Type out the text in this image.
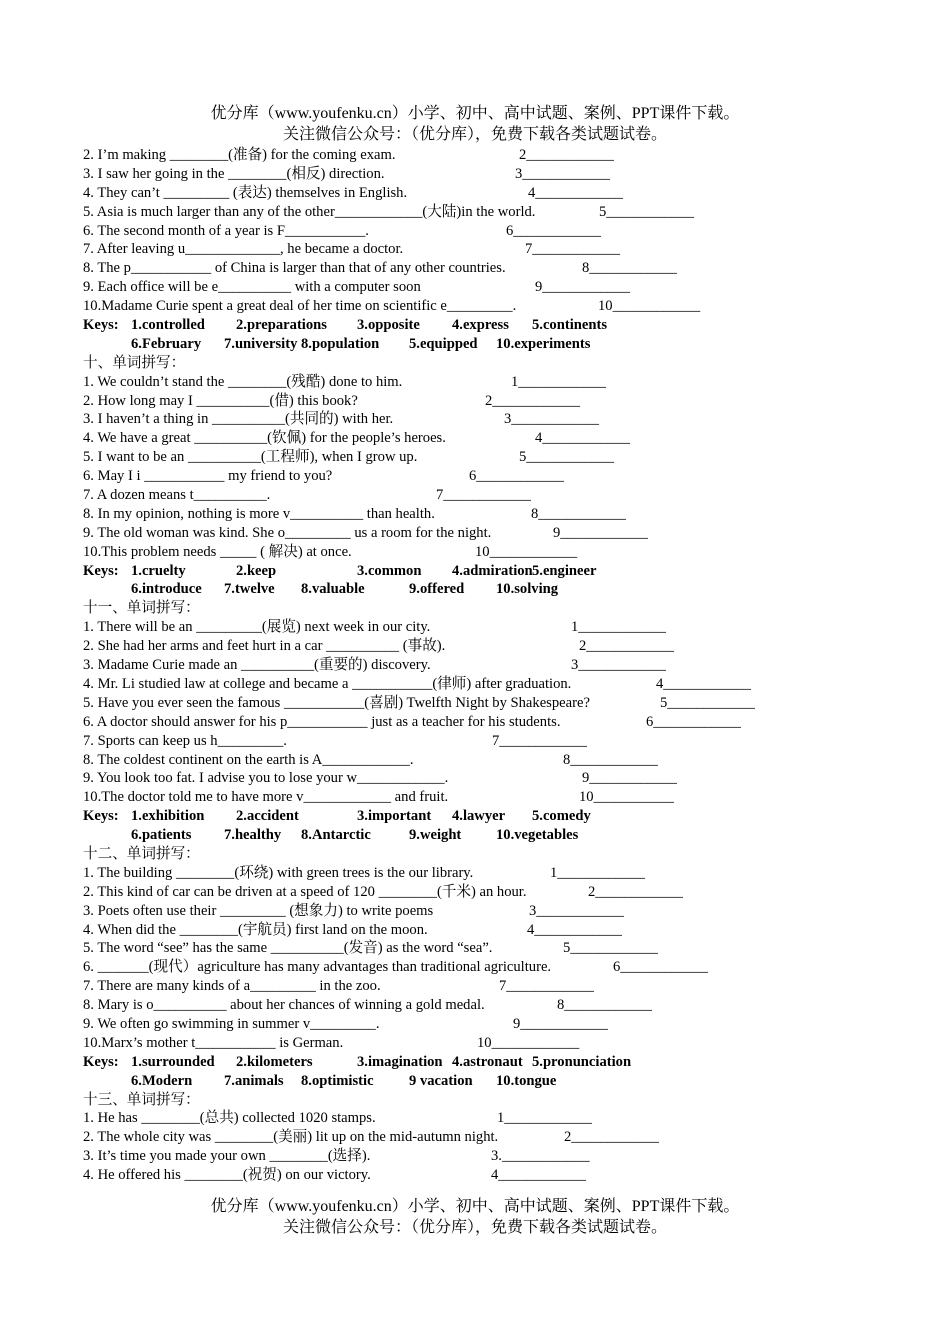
优分库（www.youfenku.cn）小学、初中、高中试题、案例、PPT课件下载。
关注微信公众号：（优分库），免费下载各类试题试卷。
2. I’m making ________(准备) for the coming exam.	2____________
3. I saw her going in the ________(相反) direction.	3____________
4. They can’t _________ (表达) themselves in English.	4____________
5. Asia is much larger than any of the other____________(大陆)in the world.	5____________
6. The second month of a year is F___________.	6____________
7. After leaving u_____________, he became a doctor.	7____________
8. The p___________ of China is larger than that of any other countries.	8____________
9. Each office will be e__________ with a computer soon	9____________
10.Madame Curie spent a great deal of her time on scientific e_________.	10____________
Keys: 1.controlled 2.preparations 3.opposite 4.express 5.continents
6.February 7.university 8.population 5.equipped 10.experiments
十、单词拼写：
1. We couldn’t stand the ________(残酷) done to him.	1____________
2. How long may I __________(借) this book?	2____________
3. I haven’t a thing in __________(共同的) with her.	3____________
4. We have a great __________(钦佩) for the people’s heroes.	4____________
5. I want to be an __________(工程师), when I grow up.	5____________
6. May I i ___________ my friend to you?	6____________
7. A dozen means t__________.	7____________
8. In my opinion, nothing is more v__________ than health.	8____________
9. The old woman was kind. She o_________ us a room for the night.	9____________
10.This problem needs _____ ( 解决) at once.	10____________
Keys: 1.cruelty	2.keep	3.common 4.admiration5.engineer
6.introduce 7.twelve 8.valuable	9.offered 10.solving
十一、单词拼写：
1. There will be an _________(展览) next week in our city.	1____________
2. She had her arms and feet hurt in a car __________ (事故).	2____________
3. Madame Curie made an __________(重要的) discovery.	3____________
4. Mr. Li studied law at college and became a ___________(律师) after graduation.	4____________
5. Have you ever seen the famous ___________(喜剧) Twelfth Night by Shakespeare?	5____________
6. A doctor should answer for his p___________ just as a teacher for his students.	6____________
7. Sports can keep us h_________.	7____________
8. The coldest continent on the earth is A____________.	8____________
9. You look too fat. I advise you to lose your w____________.	9____________
10.The doctor told me to have more v____________ and fruit.	10___________
Keys: 1.exhibition 2.accident	3.important 4.lawyer 5.comedy
6.patients 7.healthy 8.Antarctic	9.weight 10.vegetables
十二、单词拼写：
1. The building ________(环绕) with green trees is the our library.	1____________
2. This kind of car can be driven at a speed of 120 ________(千米) an hour.	2____________
3. Poets often use their _________ (想象力) to write poems	3____________
4. When did the ________(宇航员) first land on the moon.	4____________
5. The word “see” has the same __________(发音) as the word “sea”.	5____________
6. _______(现代）agriculture has many advantages than traditional agriculture.	6____________
7. There are many kinds of a_________ in the zoo.	7____________
8. Mary is o__________ about her chances of winning a gold medal.	8____________
9. We often go swimming in summer v_________.	9____________
10.Marx’s mother t___________ is German.	10____________
Keys: 1.surrounded 2.kilometers	3.imagination 4.astronaut 5.pronunciation
6.Modern 7.animals 8.optimistic 9 vacation 10.tongue
十三、单词拼写：
1. He has ________(总共) collected 1020 stamps.	1____________
2. The whole city was ________(美丽) lit up on the mid-autumn night.	2____________
3. It’s time you made your own ________(选择).	3.____________
4. He offered his ________(祝贺) on our victory.	4____________
优分库（www.youfenku.cn）小学、初中、高中试题、案例、PPT课件下载。
关注微信公众号：（优分库），免费下载各类试题试卷。
